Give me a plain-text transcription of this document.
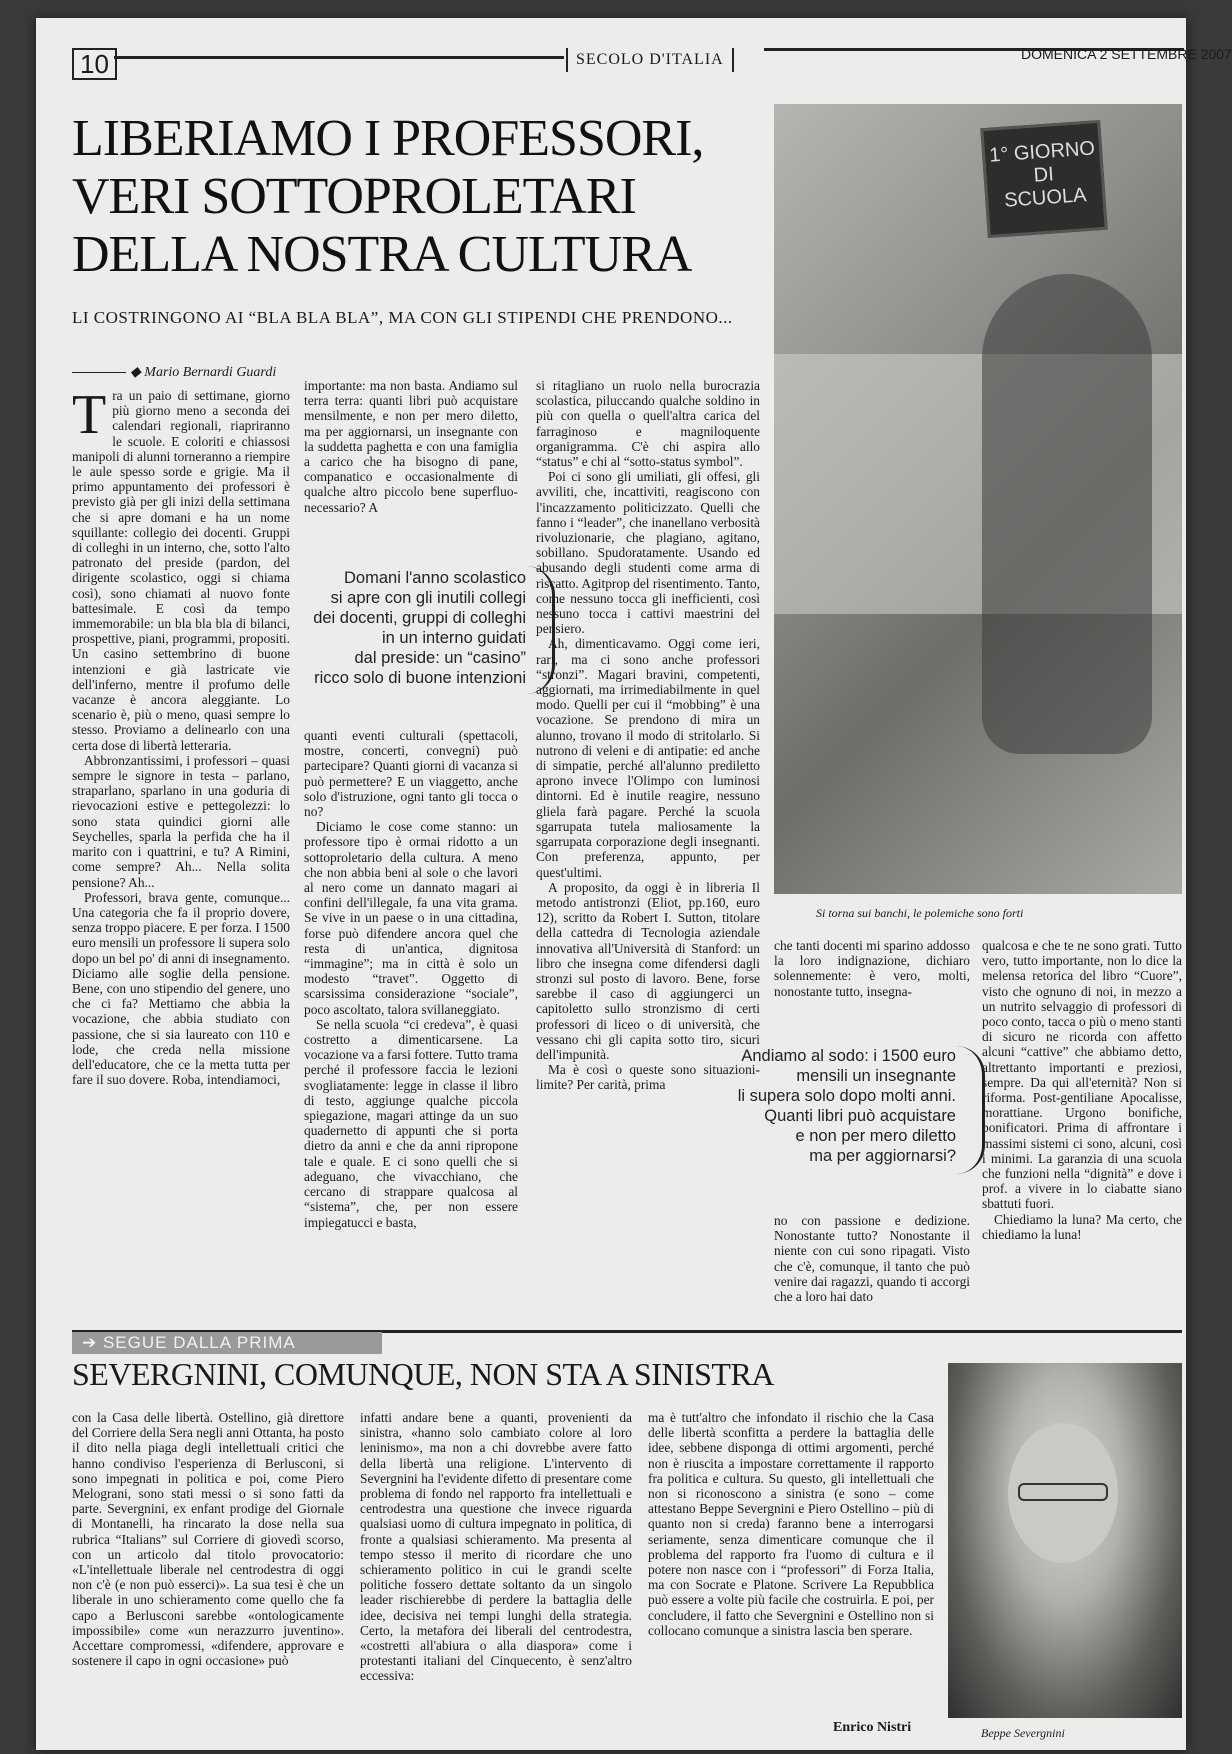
10	SECOLO D'ITALIA	DOMENICA 2 SETTEMBRE 2007
LIBERIAMO I PROFESSORI,
VERI SOTTOPROLETARI
DELLA NOSTRA CULTURA
LI COSTRINGONO AI “BLA BLA BLA”, MA CON GLI STIPENDI CHE PRENDONO...
◆ Mario Bernardi Guardi
T ra un paio di settimane, giorno più giorno meno a seconda dei calendari regionali, riapriranno le scuole. E coloriti e chiassosi manipoli di alunni torneranno a riempire le aule spesso sorde e grigie. Ma il primo appuntamento dei professori è previsto già per gli inizi della settimana che si apre domani e ha un nome squillante: collegio dei docenti. Gruppi di colleghi in un interno, che, sotto l'alto patronato del preside (pardon, del dirigente scolastico, oggi si chiama così), sono chiamati al nuovo fonte battesimale. E così da tempo immemorabile: un bla bla bla di bilanci, prospettive, piani, programmi, propositi. Un casino settembrino di buone intenzioni e già lastricate vie dell'inferno, mentre il profumo delle vacanze è ancora aleggiante. Lo scenario è, più o meno, quasi sempre lo stesso. Proviamo a delinearlo con una certa dose di libertà letteraria.

Abbronzantissimi, i professori – quasi sempre le signore in testa – parlano, straparlano, sparlano in una goduria di rievocazioni estive e pettegolezzi: lo sono stata quindici giorni alle Seychelles, sparla la perfida che ha il marito con i quattrini, e tu? A Rimini, come sempre? Ah... Nella solita pensione? Ah...

Professori, brava gente, comunque... Una categoria che fa il proprio dovere, senza troppo piacere. E per forza. I 1500 euro mensili un professore li supera solo dopo un bel po' di anni di insegnamento. Diciamo alle soglie della pensione. Bene, con uno stipendio del genere, uno che ci fa? Mettiamo che abbia la vocazione, che abbia studiato con passione, che si sia laureato con 110 e lode, che creda nella missione dell'educatore, che ce la metta tutta per fare il suo dovere. Roba, intendiamoci,

importante: ma non basta. Andiamo sul terra terra: quanti libri può acquistare mensilmente, e non per mero diletto, ma per aggiornarsi, un insegnante con la suddetta paghetta e con una famiglia a carico che ha bisogno di pane, companatico e occasionalmente di qualche altro piccolo bene superfluo-necessario? A

quanti eventi culturali (spettacoli, mostre, concerti, convegni) può partecipare? Quanti giorni di vacanza si può permettere? E un viaggetto, anche solo d'istruzione, ogni tanto gli tocca o no?

Diciamo le cose come stanno: un professore tipo è ormai ridotto a un sottoproletario della cultura. A meno che non abbia beni al sole o che lavori al nero come un dannato magari ai confini dell'illegale, fa una vita grama. Se vive in un paese o in una cittadina, forse può difendere ancora quel che resta di un'antica, dignitosa “immagine”; ma in città è solo un modesto “travet”. Oggetto di scarsissima considerazione “sociale”, poco ascoltato, talora svillaneggiato.

Se nella scuola “ci credeva”, è quasi costretto a dimenticarsene. La vocazione va a farsi fottere. Tutto trama perché il professore faccia le lezioni svogliatamente: legge in classe il libro di testo, aggiunge qualche piccola spiegazione, magari attinge da un suo quadernetto di appunti che si porta dietro da anni e che da anni ripropone tale e quale. E ci sono quelli che si adeguano, che vivacchiano, che cercano di strappare qualcosa al “sistema”, che, per non essere impiegatucci e basta,

Domani l'anno scolastico
si apre con gli inutili collegi
dei docenti, gruppi di colleghi
in un interno guidati
dal preside: un “casino”
ricco solo di buone intenzioni

si ritagliano un ruolo nella burocrazia scolastica, piluccando qualche soldino in più con quella o quell'altra carica del farraginoso e magniloquente organigramma. C'è chi aspira allo “status” e chi al “sotto-status symbol”.

Poi ci sono gli umiliati, gli offesi, gli avviliti, che, incattiviti, reagiscono con l'incazzamento politicizzato. Quelli che fanno i “leader”, che inanellano verbosità rivoluzionarie, che plagiano, agitano, sobillano. Spudoratamente. Usando ed abusando degli studenti come arma di riscatto. Agitprop del risentimento. Tanto, come nessuno tocca gli inefficienti, così nessuno tocca i cattivi maestrini del pensiero.

Ah, dimenticavamo. Oggi come ieri, rari, ma ci sono anche professori “stronzi”. Magari bravini, competenti, aggiornati, ma irrimediabilmente in quel modo. Quelli per cui il “mobbing” è una vocazione. Se prendono di mira un alunno, trovano il modo di stritolarlo. Si nutrono di veleni e di antipatie: ed anche di simpatie, perché all'alunno prediletto aprono invece l'Olimpo con luminosi dintorni. Ed è inutile reagire, nessuno gliela farà pagare. Perché la scuola sgarrupata tutela maliosamente la sgarrupata corporazione degli insegnanti. Con preferenza, appunto, per quest'ultimi.

A proposito, da oggi è in libreria Il metodo antistronzi (Eliot, pp.160, euro 12), scritto da Robert I. Sutton, titolare della cattedra di Tecnologia aziendale innovativa all'Università di Stanford: un libro che insegna come difendersi dagli stronzi sul posto di lavoro. Bene, forse sarebbe il caso di aggiungerci un capitoletto sullo stronzismo di certi professori di liceo o di università, che vessano chi gli capita sotto tiro, sicuri dell'impunità.

Ma è così o queste sono situazioni-limite? Per carità, prima

1° GIORNO
DI
SCUOLA
Si torna sui banchi, le polemiche sono forti

che tanti docenti mi sparino addosso la loro indignazione, dichiaro solennemente: è vero, molti, nonostante tutto, insegna-

no con passione e dedizione. Nonostante tutto? Nonostante il niente con cui sono ripagati. Visto che c'è, comunque, il tanto che può venire dai ragazzi, quando ti accorgi che a loro hai dato

Andiamo al sodo: i 1500 euro
mensili un insegnante
li supera solo dopo molti anni.
Quanti libri può acquistare
e non per mero diletto
ma per aggiornarsi?

qualcosa e che te ne sono grati. Tutto vero, tutto importante, non lo dice la melensa retorica del libro “Cuore”, visto che ognuno di noi, in mezzo a un nutrito selvaggio di professori di poco conto, tacca o più o meno stanti di sicuro ne ricorda con affetto alcuni “cattive” che abbiamo detto, altrettanto importanti e preziosi, sempre. Da qui all'eternità? Non si riforma. Post-gentiliane Apocalisse, morattiane. Urgono bonifiche, bonificatori. Prima di affrontare i massimi sistemi ci sono, alcuni, così i minimi. La garanzia di una scuola che funzioni nella “dignità” e dove i prof. a vivere in lo ciabatte siano sbattuti fuori.

Chiediamo la luna? Ma certo, che chiediamo la luna!

➔ SEGUE DALLA PRIMA
SEVERGNINI, COMUNQUE, NON STA A SINISTRA

con la Casa delle libertà. Ostellino, già direttore del Corriere della Sera negli anni Ottanta, ha posto il dito nella piaga degli intellettuali critici che hanno condiviso l'esperienza di Berlusconi, si sono impegnati in politica e poi, come Piero Melograni, sono stati messi o si sono fatti da parte. Severgnini, ex enfant prodige del Giornale di Montanelli, ha rincarato la dose nella sua rubrica “Italians” sul Corriere di giovedì scorso, con un articolo dal titolo provocatorio: «L'intellettuale liberale nel centrodestra di oggi non c'è (e non può esserci)». La sua tesi è che un liberale in uno schieramento come quello che fa capo a Berlusconi sarebbe «ontologicamente impossibile» come «un nerazzurro juventino». Accettare compromessi, «difendere, approvare e sostenere il capo in ogni occasione» può

infatti andare bene a quanti, provenienti da sinistra, «hanno solo cambiato colore al loro leninismo», ma non a chi dovrebbe avere fatto della libertà una religione. L'intervento di Severgnini ha l'evidente difetto di presentare come problema di fondo nel rapporto fra intellettuali e centrodestra una questione che invece riguarda qualsiasi uomo di cultura impegnato in politica, di fronte a qualsiasi schieramento. Ma presenta al tempo stesso il merito di ricordare che uno schieramento politico in cui le grandi scelte politiche fossero dettate soltanto da un singolo leader rischierebbe di perdere la battaglia delle idee, decisiva nei tempi lunghi della strategia. Certo, la metafora dei liberali del centrodestra, «costretti all'abiura o alla diaspora» come i protestanti italiani del Cinquecento, è senz'altro eccessiva:

ma è tutt'altro che infondato il rischio che la Casa delle libertà sconfitta a perdere la battaglia delle idee, sebbene disponga di ottimi argomenti, perché non è riuscita a impostare correttamente il rapporto fra politica e cultura. Su questo, gli intellettuali che non si riconoscono a sinistra (e sono – come attestano Beppe Severgnini e Piero Ostellino – più di quanto non si creda) faranno bene a interrogarsi seriamente, senza dimenticare comunque che il problema del rapporto fra l'uomo di cultura e il potere non nasce con i “professori” di Forza Italia, ma con Socrate e Platone. Scrivere La Repubblica può essere a volte più facile che costruirla. E poi, per concludere, il fatto che Severgnini e Ostellino non si collocano comunque a sinistra lascia ben sperare.

Enrico Nistri	Beppe Severgnini
